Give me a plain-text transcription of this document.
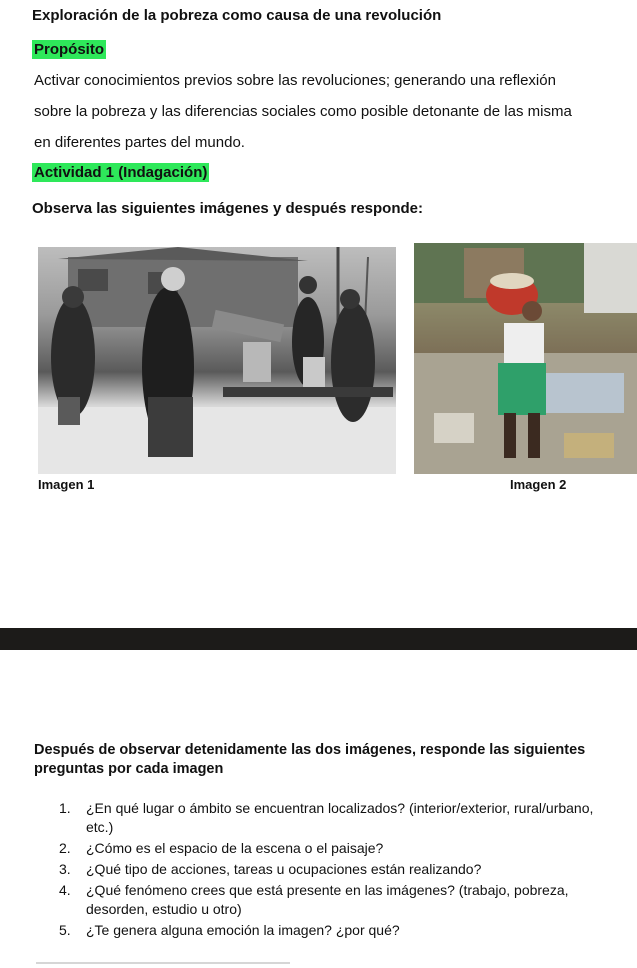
Exploración de la pobreza como causa de una revolución
Propósito
Activar conocimientos previos sobre las revoluciones; generando una reflexión
sobre la pobreza y las diferencias sociales como posible detonante de las misma
en diferentes partes del mundo.
Actividad 1 (Indagación)
Observa las siguientes imágenes y después responde:
Imagen 1	Imagen 2
Después de observar detenidamente las dos imágenes, responde las siguientes preguntas por cada imagen
1.	¿En qué lugar o ámbito se encuentran localizados? (interior/exterior, rural/urbano, etc.)
2.	¿Cómo es el espacio de la escena o el paisaje?
3.	¿Qué tipo de acciones, tareas u ocupaciones están realizando?
4.	¿Qué fenómeno crees que está presente en las imágenes? (trabajo, pobreza, desorden, estudio u otro)
5.	¿Te genera alguna emoción la imagen? ¿por qué?
